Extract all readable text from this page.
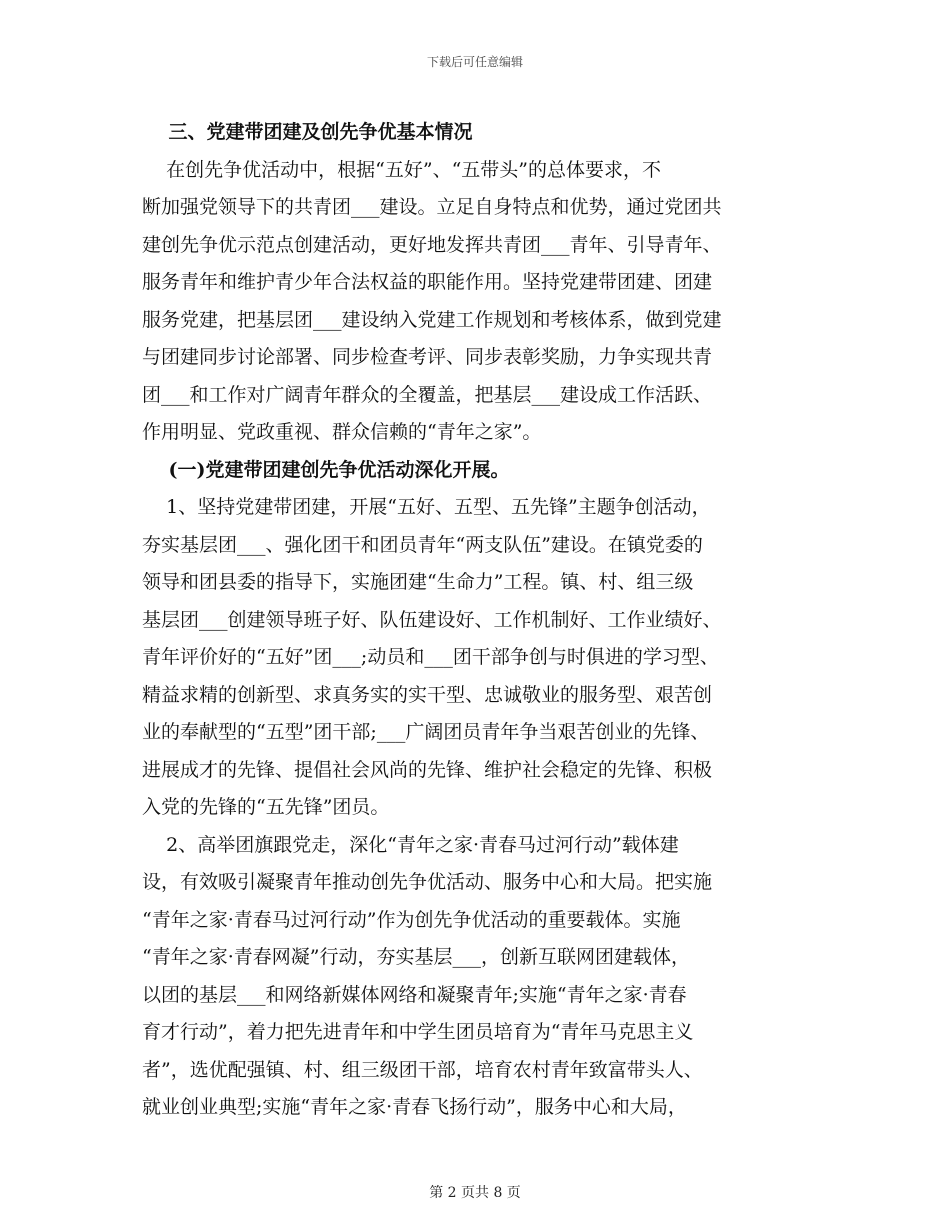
下载后可任意编辑
三、党建带团建及创先争优基本情况
在创先争优活动中，根据“五好”、“五带头”的总体要求，不
断加强党领导下的共青团___建设。立足自身特点和优势，通过党团共
建创先争优示范点创建活动，更好地发挥共青团___青年、引导青年、
服务青年和维护青少年合法权益的职能作用。坚持党建带团建、团建
服务党建，把基层团___建设纳入党建工作规划和考核体系，做到党建
与团建同步讨论部署、同步检查考评、同步表彰奖励，力争实现共青
团___和工作对广阔青年群众的全覆盖，把基层___建设成工作活跃、
作用明显、党政重视、群众信赖的“青年之家”。
(一)党建带团建创先争优活动深化开展。
1、坚持党建带团建，开展“五好、五型、五先锋”主题争创活动，
夯实基层团___、强化团干和团员青年“两支队伍”建设。在镇党委的
领导和团县委的指导下，实施团建“生命力”工程。镇、村、组三级
基层团___创建领导班子好、队伍建设好、工作机制好、工作业绩好、
青年评价好的“五好”团___;动员和___团干部争创与时俱进的学习型、
精益求精的创新型、求真务实的实干型、忠诚敬业的服务型、艰苦创
业的奉献型的“五型”团干部;___广阔团员青年争当艰苦创业的先锋、
进展成才的先锋、提倡社会风尚的先锋、维护社会稳定的先锋、积极
入党的先锋的“五先锋”团员。
2、高举团旗跟党走，深化“青年之家·青春马过河行动”载体建
设，有效吸引凝聚青年推动创先争优活动、服务中心和大局。把实施
“青年之家·青春马过河行动”作为创先争优活动的重要载体。实施
“青年之家·青春网凝”行动，夯实基层___，创新互联网团建载体，
以团的基层___和网络新媒体网络和凝聚青年;实施“青年之家·青春
育才行动”，着力把先进青年和中学生团员培育为“青年马克思主义
者”，选优配强镇、村、组三级团干部，培育农村青年致富带头人、
就业创业典型;实施“青年之家·青春飞扬行动”，服务中心和大局，
第 2 页共 8 页
